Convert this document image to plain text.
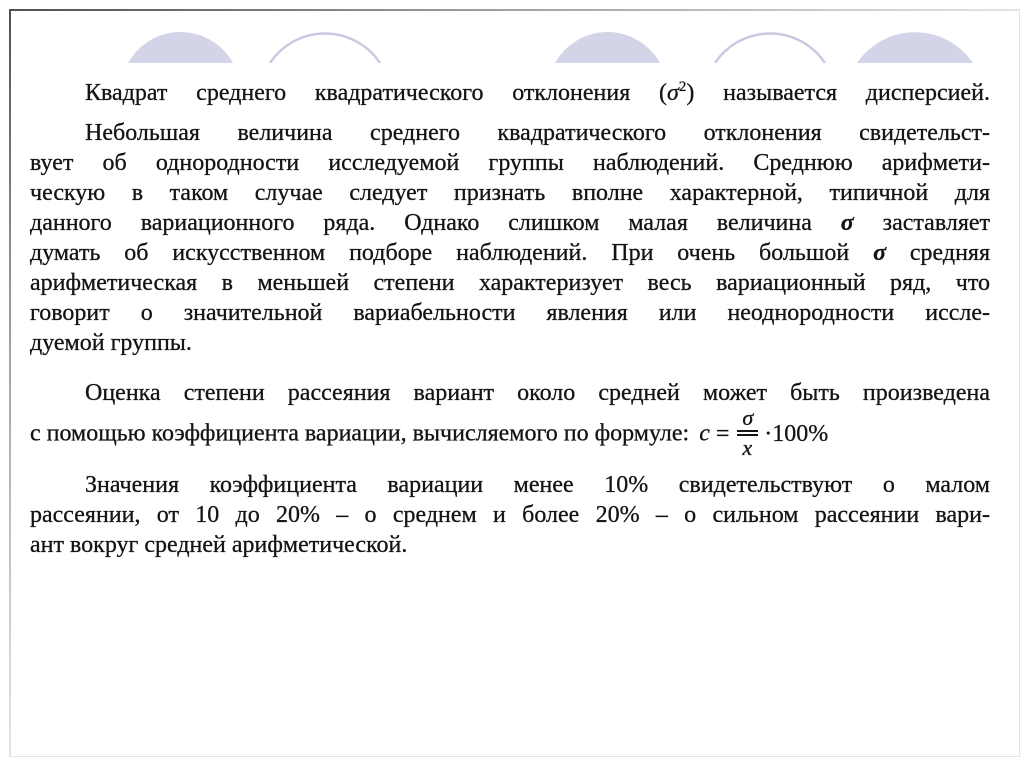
Квадрат среднего квадратического отклонения $(\sigma^2)$ называется дисперсией.
Небольшая величина среднего квадратического отклонения свидетельст-
вует об однородности исследуемой группы наблюдений. Среднюю арифмети-
ческую в таком случае следует признать вполне характерной, типичной для
данного вариационного ряда. Однако слишком малая величина σ заставляет
думать об искусственном подборе наблюдений. При очень большой σ средняя
арифметическая в меньшей степени характеризует весь вариационный ряд, что
говорит о значительной вариабельности явления или неоднородности иссле-
дуемой группы.
Оценка степени рассеяния вариант около средней может быть произведена
с помощью коэффициента вариации, вычисляемого по формуле: $c = \frac{\sigma}{x} \cdot 100\%$
Значения коэффициента вариации менее 10% свидетельствуют о малом
рассеянии, от 10 до 20% – о среднем и более 20% – о сильном рассеянии вари-
ант вокруг средней арифметической.
